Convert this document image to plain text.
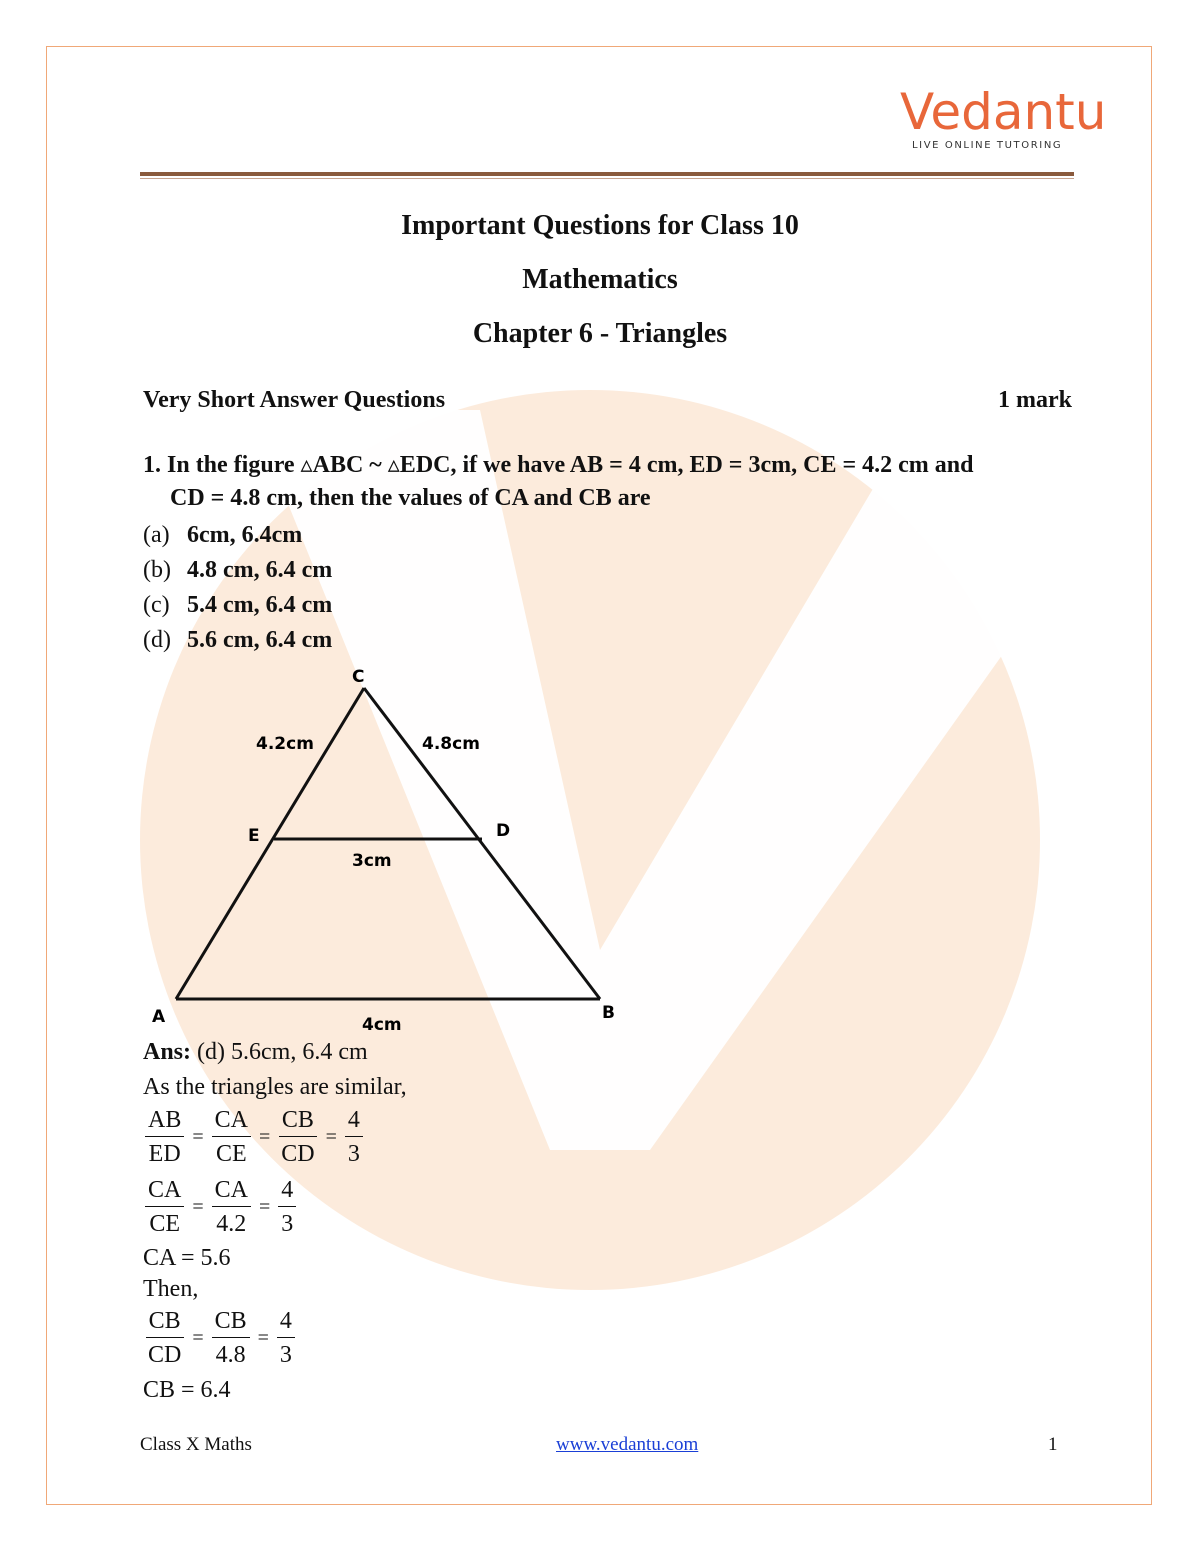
Vedantu
LIVE ONLINE TUTORING
Important Questions for Class 10
Mathematics
Chapter 6 - Triangles
Very Short Answer Questions	1 mark
1. In the figure ▵ABC ~ ▵EDC, if we have AB = 4 cm, ED = 3cm, CE = 4.2 cm and
CD = 4.8 cm, then the values of CA and CB are
(a) 6cm, 6.4cm
(b) 4.8 cm, 6.4 cm
(c) 5.4 cm, 6.4 cm
(d) 5.6 cm, 6.4 cm
C
E	D
A	B
4.2cm	4.8cm
3cm
4cm
Ans: (d) 5.6cm, 6.4 cm
As the triangles are similar,
$\frac{AB}{ED} = \frac{CA}{CE} = \frac{CB}{CD} = \frac{4}{3}$
$\frac{CA}{CE} = \frac{CA}{4.2} = \frac{4}{3}$
CA = 5.6
Then,
$\frac{CB}{CD} = \frac{CB}{4.8} = \frac{4}{3}$
CB = 6.4
Class X Maths	www.vedantu.com	1
